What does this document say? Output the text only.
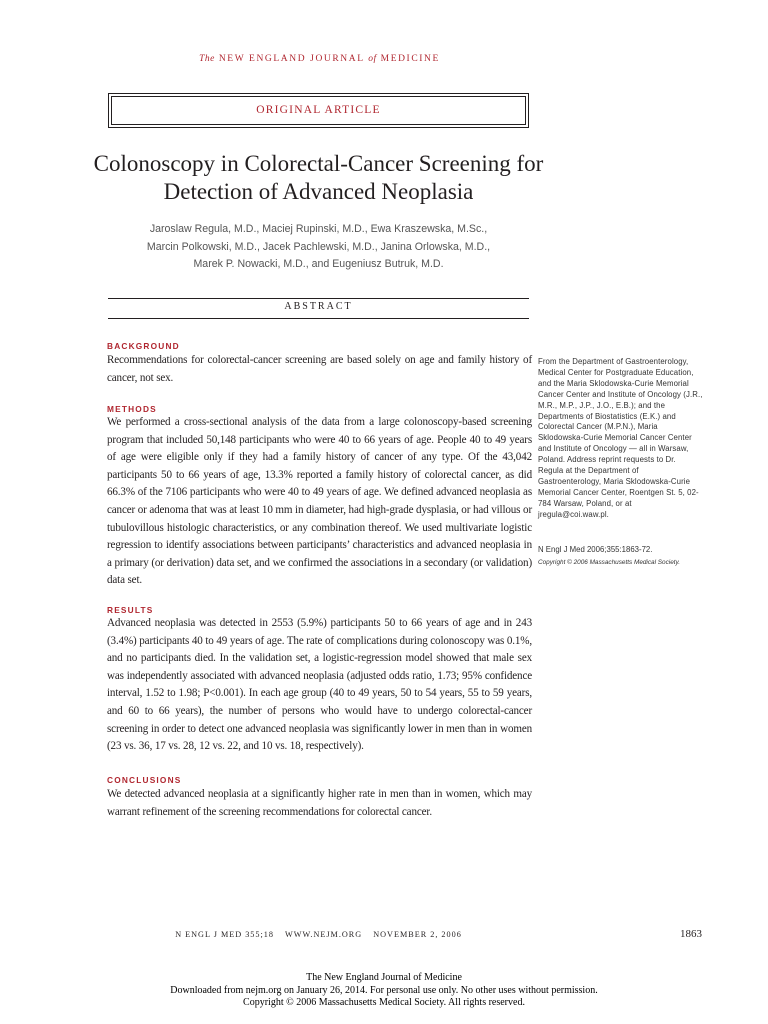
The NEW ENGLAND JOURNAL of MEDICINE
ORIGINAL ARTICLE
Colonoscopy in Colorectal-Cancer Screening for Detection of Advanced Neoplasia
Jaroslaw Regula, M.D., Maciej Rupinski, M.D., Ewa Kraszewska, M.Sc.,
Marcin Polkowski, M.D., Jacek Pachlewski, M.D., Janina Orlowska, M.D.,
Marek P. Nowacki, M.D., and Eugeniusz Butruk, M.D.
ABSTRACT
BACKGROUND

Recommendations for colorectal-cancer screening are based solely on age and family history of cancer, not sex.

METHODS

We performed a cross-sectional analysis of the data from a large colonoscopy-based screening program that included 50,148 participants who were 40 to 66 years of age. People 40 to 49 years of age were eligible only if they had a family history of cancer of any type. Of the 43,042 participants 50 to 66 years of age, 13.3% reported a family history of colorectal cancer, as did 66.3% of the 7106 participants who were 40 to 49 years of age. We defined advanced neoplasia as cancer or adenoma that was at least 10 mm in diameter, had high-grade dysplasia, or had villous or tubulovillous histologic characteristics, or any combination thereof. We used multivariate logistic regression to identify associations between participants’ characteristics and advanced neoplasia in a primary (or derivation) data set, and we confirmed the associations in a secondary (or validation) data set.

RESULTS

Advanced neoplasia was detected in 2553 (5.9%) participants 50 to 66 years of age and in 243 (3.4%) participants 40 to 49 years of age. The rate of complications during colonoscopy was 0.1%, and no participants died. In the validation set, a logistic-regression model showed that male sex was independently associated with advanced neoplasia (adjusted odds ratio, 1.73; 95% confidence interval, 1.52 to 1.98; P<0.001). In each age group (40 to 49 years, 50 to 54 years, 55 to 59 years, and 60 to 66 years), the number of persons who would have to undergo colorectal-cancer screening in order to detect one advanced neoplasia was significantly lower in men than in women (23 vs. 36, 17 vs. 28, 12 vs. 22, and 10 vs. 18, respectively).

CONCLUSIONS

We detected advanced neoplasia at a significantly higher rate in men than in women, which may warrant refinement of the screening recommendations for colorectal cancer.

From the Department of Gastroenterology, Medical Center for Postgraduate Education, and the Maria Sklodowska-Curie Memorial Cancer Center and Institute of Oncology (J.R., M.R., M.P., J.P., J.O., E.B.); and the Departments of Biostatistics (E.K.) and Colorectal Cancer (M.P.N.), Maria Sklodowska-Curie Memorial Cancer Center and Institute of Oncology — all in Warsaw, Poland. Address reprint requests to Dr. Regula at the Department of Gastroenterology, Maria Sklodowska-Curie Memorial Cancer Center, Roentgen St. 5, 02-784 Warsaw, Poland, or at jregula@coi.waw.pl.

N Engl J Med 2006;355:1863-72.
Copyright © 2006 Massachusetts Medical Society.
N ENGL J MED 355;18 WWW.NEJM.ORG NOVEMBER 2, 2006	1863
The New England Journal of Medicine
Downloaded from nejm.org on January 26, 2014. For personal use only. No other uses without permission.
Copyright © 2006 Massachusetts Medical Society. All rights reserved.
